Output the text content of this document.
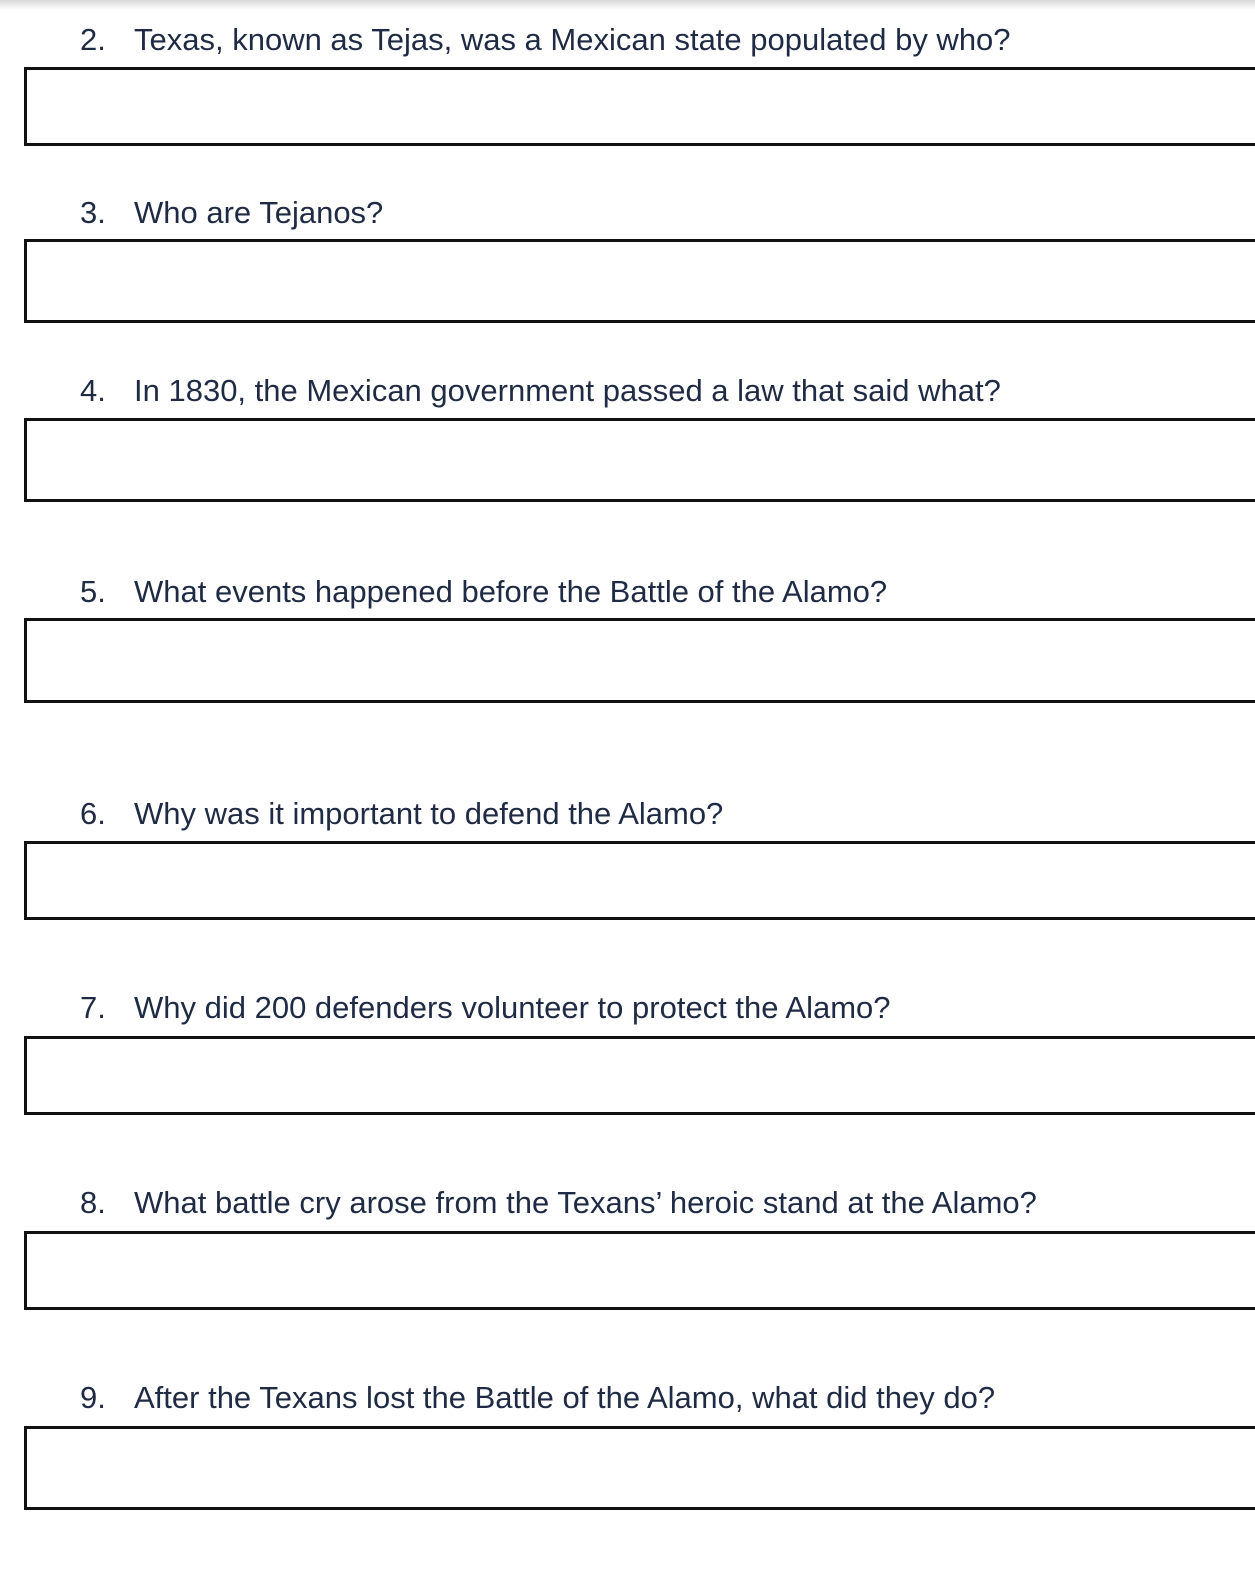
2. Texas, known as Tejas, was a Mexican state populated by who?
3. Who are Tejanos?
4. In 1830, the Mexican government passed a law that said what?
5. What events happened before the Battle of the Alamo?
6. Why was it important to defend the Alamo?
7. Why did 200 defenders volunteer to protect the Alamo?
8. What battle cry arose from the Texans’ heroic stand at the Alamo?
9. After the Texans lost the Battle of the Alamo, what did they do?
